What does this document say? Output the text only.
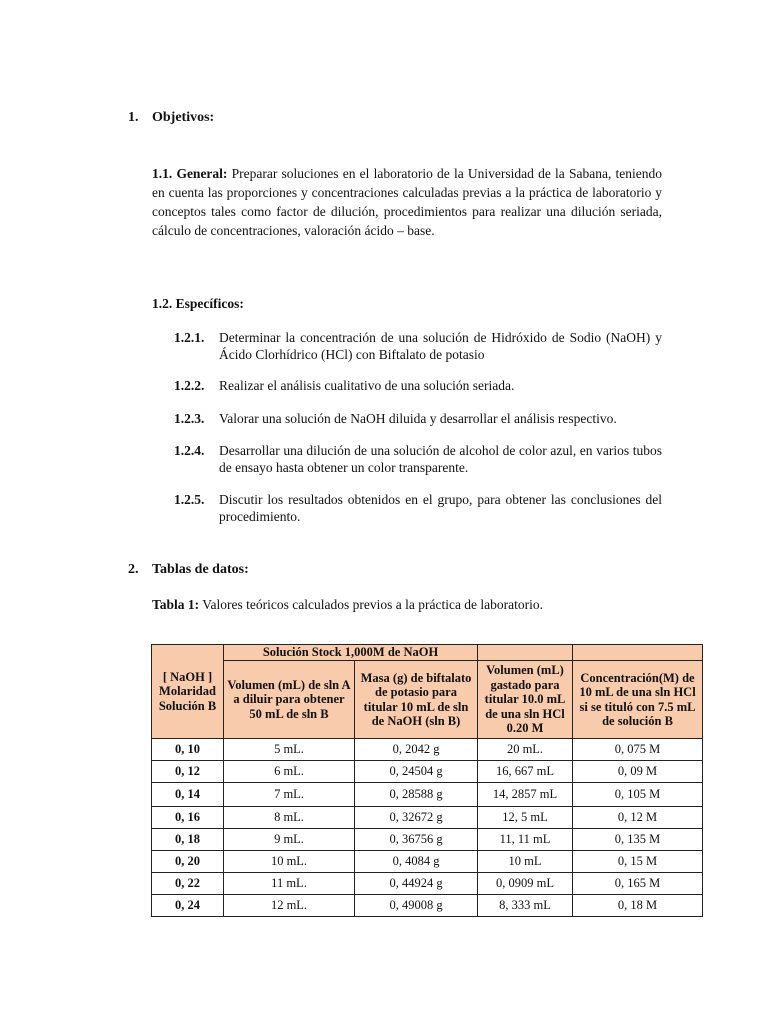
1. Objetivos:
1.1. General: Preparar soluciones en el laboratorio de la Universidad de la Sabana, teniendo en cuenta las proporciones y concentraciones calculadas previas a la práctica de laboratorio y conceptos tales como factor de dilución, procedimientos para realizar una dilución seriada, cálculo de concentraciones, valoración ácido – base.
1.2. Específicos:
1.2.1.	Determinar la concentración de una solución de Hidróxido de Sodio (NaOH) y Ácido Clorhídrico (HCl) con Biftalato de potasio
1.2.2.	Realizar el análisis cualitativo de una solución seriada.
1.2.3.	Valorar una solución de NaOH diluida y desarrollar el análisis respectivo.
1.2.4.	Desarrollar una dilución de una solución de alcohol de color azul, en varios tubos de ensayo hasta obtener un color transparente.
1.2.5.	Discutir los resultados obtenidos en el grupo, para obtener las conclusiones del procedimiento.
2. Tablas de datos:
Tabla 1: Valores teóricos calculados previos a la práctica de laboratorio.
[ NaOH ] Molaridad Solución B	Solución Stock 1,000M de NaOH			
	Volumen (mL) de sln A a diluir para obtener 50 mL de sln B	Masa (g) de biftalato de potasio para titular 10 mL de sln de NaOH (sln B)	Volumen (mL) gastado para titular 10.0 mL de una sln HCl 0.20 M	Concentración(M) de 10 mL de una sln HCl si se tituló con 7.5 mL de solución B
0, 10	5 mL.	0, 2042 g	20 mL.	0, 075 M
0, 12	6 mL.	0, 24504 g	16, 667 mL	0, 09 M
0, 14	7 mL.	0, 28588 g	14, 2857 mL	0, 105 M
0, 16	8 mL.	0, 32672 g	12, 5 mL	0, 12 M
0, 18	9 mL.	0, 36756 g	11, 11 mL	0, 135 M
0, 20	10 mL.	0, 4084 g	10 mL	0, 15 M
0, 22	11 mL.	0, 44924 g	0, 0909 mL	0, 165 M
0, 24	12 mL.	0, 49008 g	8, 333 mL	0, 18 M
